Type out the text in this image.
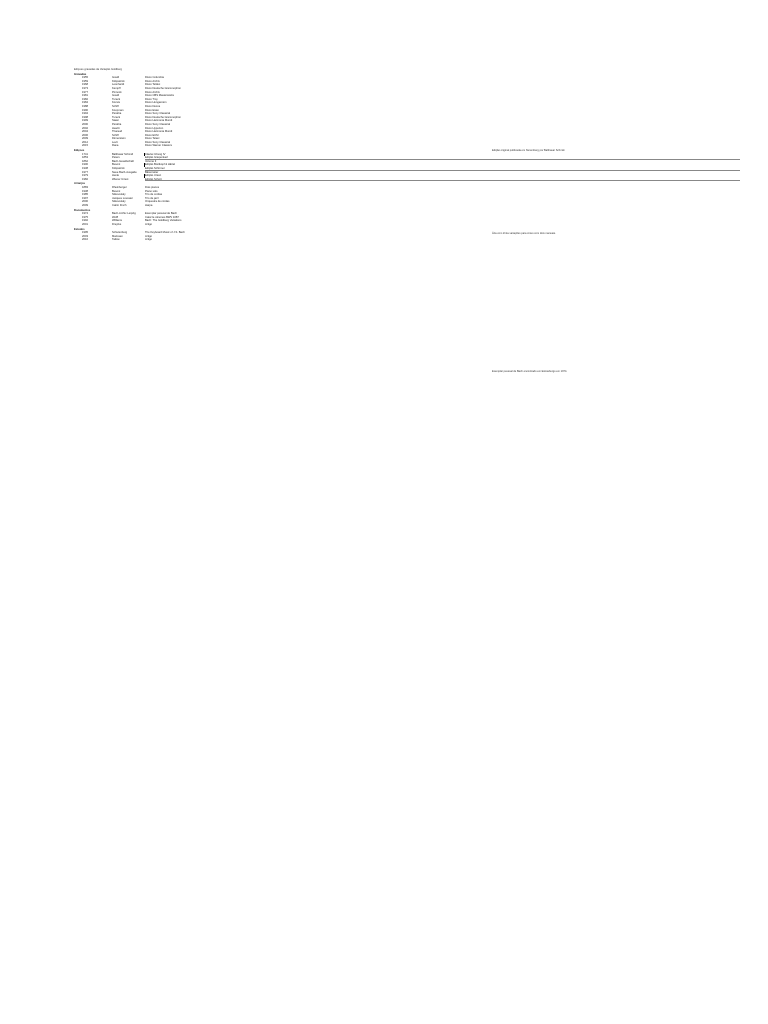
Ediçoes gravadas da Variação Goldberg
Gravadas
1955	Gould	Disco Columbia
1959	Kirkpatrick	Disco Archiv
1968	Leonhardt	Disco Teldec
1973	Kempff	Disco Deutsche Grammophon
1977	Pinnock	Disco Archiv
1981	Gould	Disco CBS Masterworks
1982	Tureck	Disco Troy
1984	Kocsis	Disco Hungaroton
1988	Schiff	Disco Decca
1990	Koopman	Disco Erato
1994	Perahia	Disco Sony Classical
1998	Tureck	Disco Deutsche Grammophon
1999	Staier	Disco Harmonia Mundi
2000	Perahia	Disco Sony Classical
2002	Hewitt	Disco Hyperion
2004	Tharaud	Disco Harmonia Mundi
2006	Schiff	Disco ECM
2009	Dinnerstein	Disco Telarc
2012	Levit	Disco Sony Classical
2015	Rana	Disco Warner Classics
Ediçoes
1741	Balthasar Schmid	Clavier-Übung IV
1853	Peters	Edição Griepenkerl
1862	Bach-Gesellschaft	Volume 3
1900	Busoni	Edição Breitkopf & Härtel
1938	Kirkpatrick	Edição Schirmer
1977	Neue Bach-Ausgabe	Bärenreiter
1979	Henle	Edição Urtext
1982	Wiener Urtext	Edição Schott
Arranjos
1883	Rheinberger	Dois pianos
1938	Busoni	Piano solo
1985	Sitkovetsky	Trio de cordas
1997	Jacques Loussier	Trio de jazz
2000	Sitkovetsky	Orquestra de cordas
2009	Catrin Finch	Harpa
Documentos
1974	Bach-Archiv Leipzig	Exemplar pessoal de Bach
1975	Wolff	Catorze cânones BWV 1087
1992	Williams	Bach: The Goldberg Variations
2001	Dreyfus	Artigo
Estudos
1995	Schulenberg	The Keyboard Music of J.S. Bach
2003	Marissen	Artigo
2010	Tatlow	Artigo
Edição original publicada em Nuremberg por Balthasar Schmid.
Ária com trinta variações para cravo com dois manuais.
Exemplar pessoal de Bach encontrado em Estrasburgo em 1974.
